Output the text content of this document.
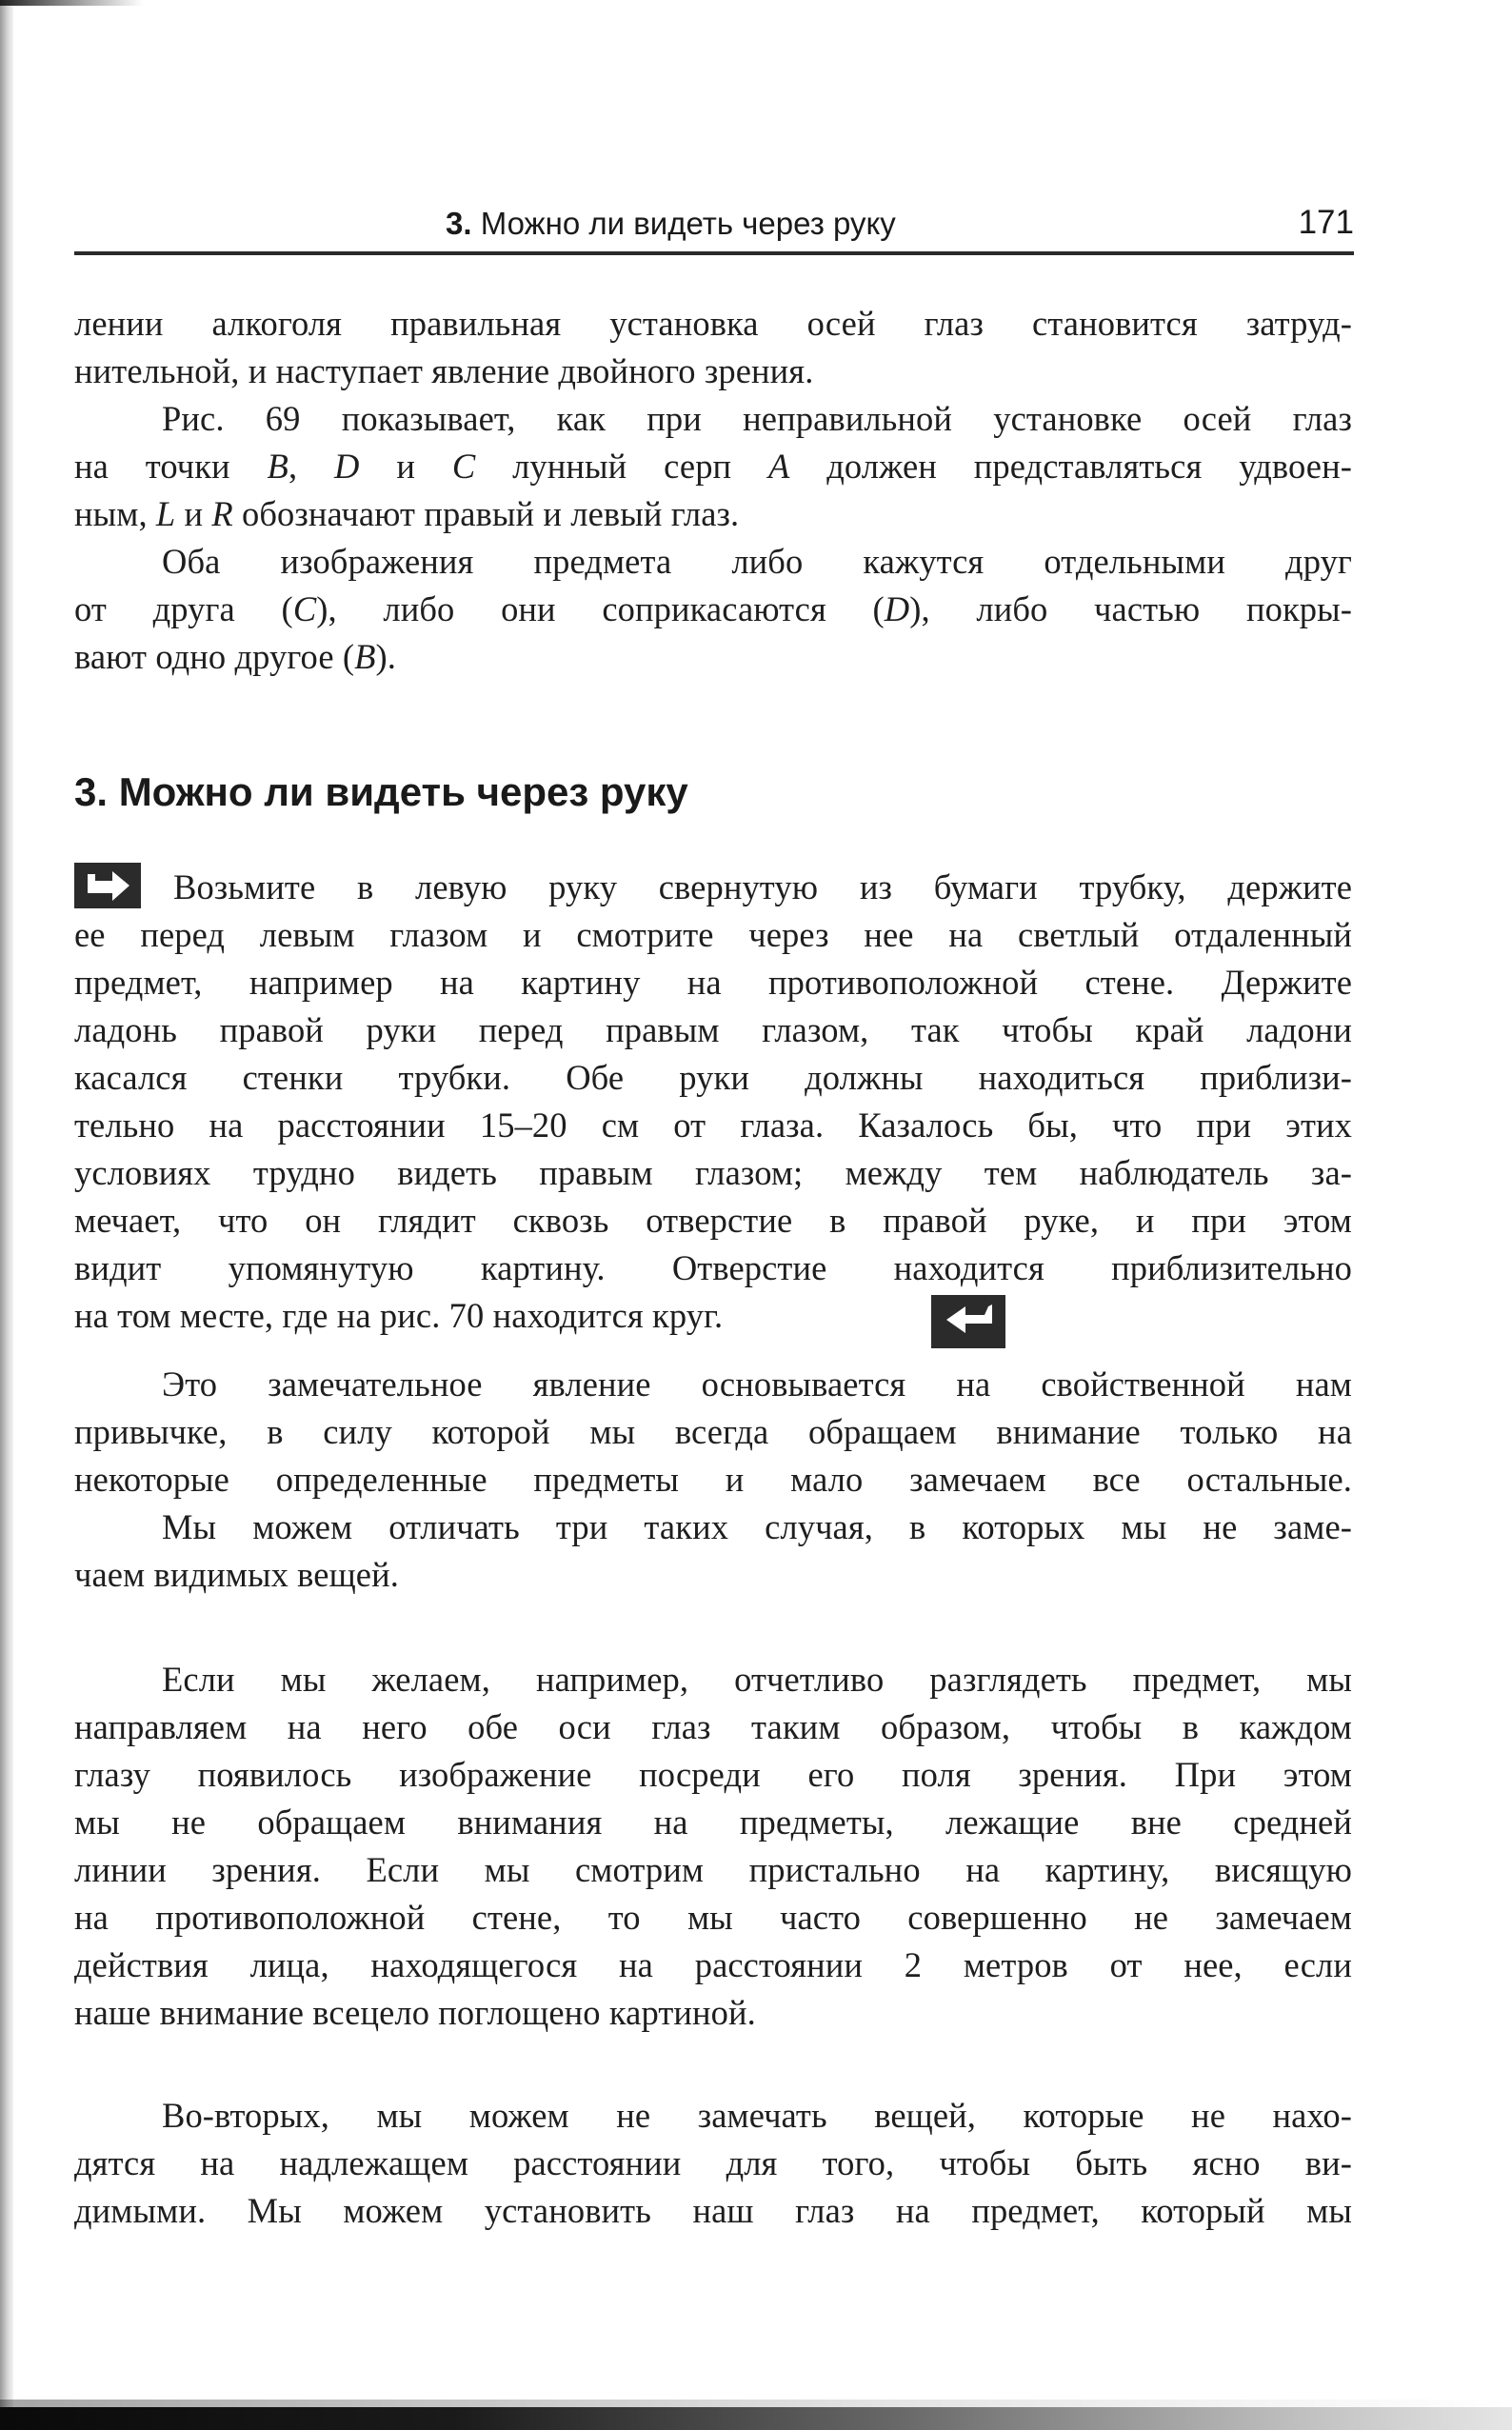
3. Можно ли видеть через руку	171
лении алкоголя правильная установка осей глаз становится затруд-
нительной, и наступает явление двойного зрения.
Рис. 69 показывает, как при неправильной установке осей глаз
на точки B, D и C лунный серп A должен представляться удвоен-
ным, L и R обозначают правый и левый глаз.
Оба изображения предмета либо кажутся отдельными друг
от друга (C), либо они соприкасаются (D), либо частью покры-
вают одно другое (B).
3. Можно ли видеть через руку
Возьмите в левую руку свернутую из бумаги трубку, держите
ее перед левым глазом и смотрите через нее на светлый отдаленный
предмет, например на картину на противоположной стене. Держите
ладонь правой руки перед правым глазом, так чтобы край ладони
касался стенки трубки. Обе руки должны находиться приблизи-
тельно на расстоянии 15–20 см от глаза. Казалось бы, что при этих
условиях трудно видеть правым глазом; между тем наблюдатель за-
мечает, что он глядит сквозь отверстие в правой руке, и при этом
видит упомянутую картину. Отверстие находится приблизительно
на том месте, где на рис. 70 находится круг.
Это замечательное явление основывается на свойственной нам
привычке, в силу которой мы всегда обращаем внимание только на
некоторые определенные предметы и мало замечаем все остальные.
Мы можем отличать три таких случая, в которых мы не заме-
чаем видимых вещей.
Если мы желаем, например, отчетливо разглядеть предмет, мы
направляем на него обе оси глаз таким образом, чтобы в каждом
глазу появилось изображение посреди его поля зрения. При этом
мы не обращаем внимания на предметы, лежащие вне средней
линии зрения. Если мы смотрим пристально на картину, висящую
на противоположной стене, то мы часто совершенно не замечаем
действия лица, находящегося на расстоянии 2 метров от нее, если
наше внимание всецело поглощено картиной.
Во-вторых, мы можем не замечать вещей, которые не нахо-
дятся на надлежащем расстоянии для того, чтобы быть ясно ви-
димыми. Мы можем установить наш глаз на предмет, который мы
